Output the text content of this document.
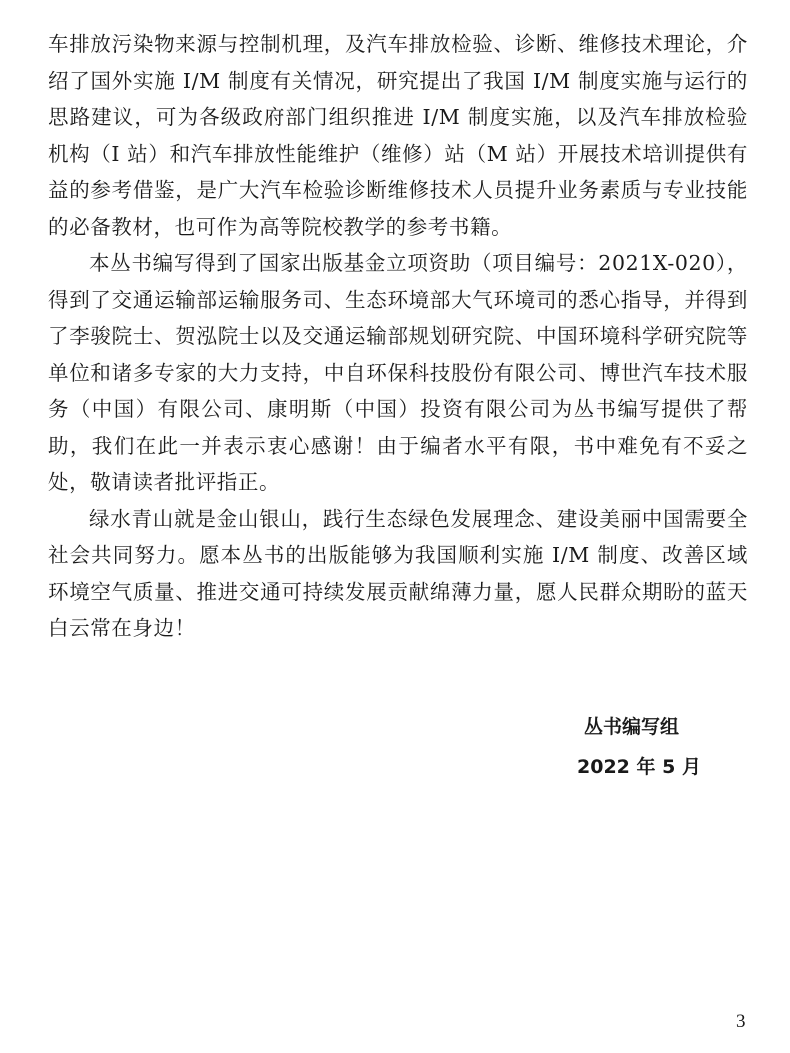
车排放污染物来源与控制机理，及汽车排放检验、诊断、维修技术理论，介绍了国外实施 I/M 制度有关情况，研究提出了我国 I/M 制度实施与运行的思路建议，可为各级政府部门组织推进 I/M 制度实施，以及汽车排放检验机构（I 站）和汽车排放性能维护（维修）站（M 站）开展技术培训提供有益的参考借鉴，是广大汽车检验诊断维修技术人员提升业务素质与专业技能的必备教材，也可作为高等院校教学的参考书籍。

本丛书编写得到了国家出版基金立项资助（项目编号：2021X-020），得到了交通运输部运输服务司、生态环境部大气环境司的悉心指导，并得到了李骏院士、贺泓院士以及交通运输部规划研究院、中国环境科学研究院等单位和诸多专家的大力支持，中自环保科技股份有限公司、博世汽车技术服务（中国）有限公司、康明斯（中国）投资有限公司为丛书编写提供了帮助，我们在此一并表示衷心感谢！由于编者水平有限，书中难免有不妥之处，敬请读者批评指正。

绿水青山就是金山银山，践行生态绿色发展理念、建设美丽中国需要全社会共同努力。愿本丛书的出版能够为我国顺利实施 I/M 制度、改善区域环境空气质量、推进交通可持续发展贡献绵薄力量，愿人民群众期盼的蓝天白云常在身边！

丛书编写组
2022 年 5 月
3
